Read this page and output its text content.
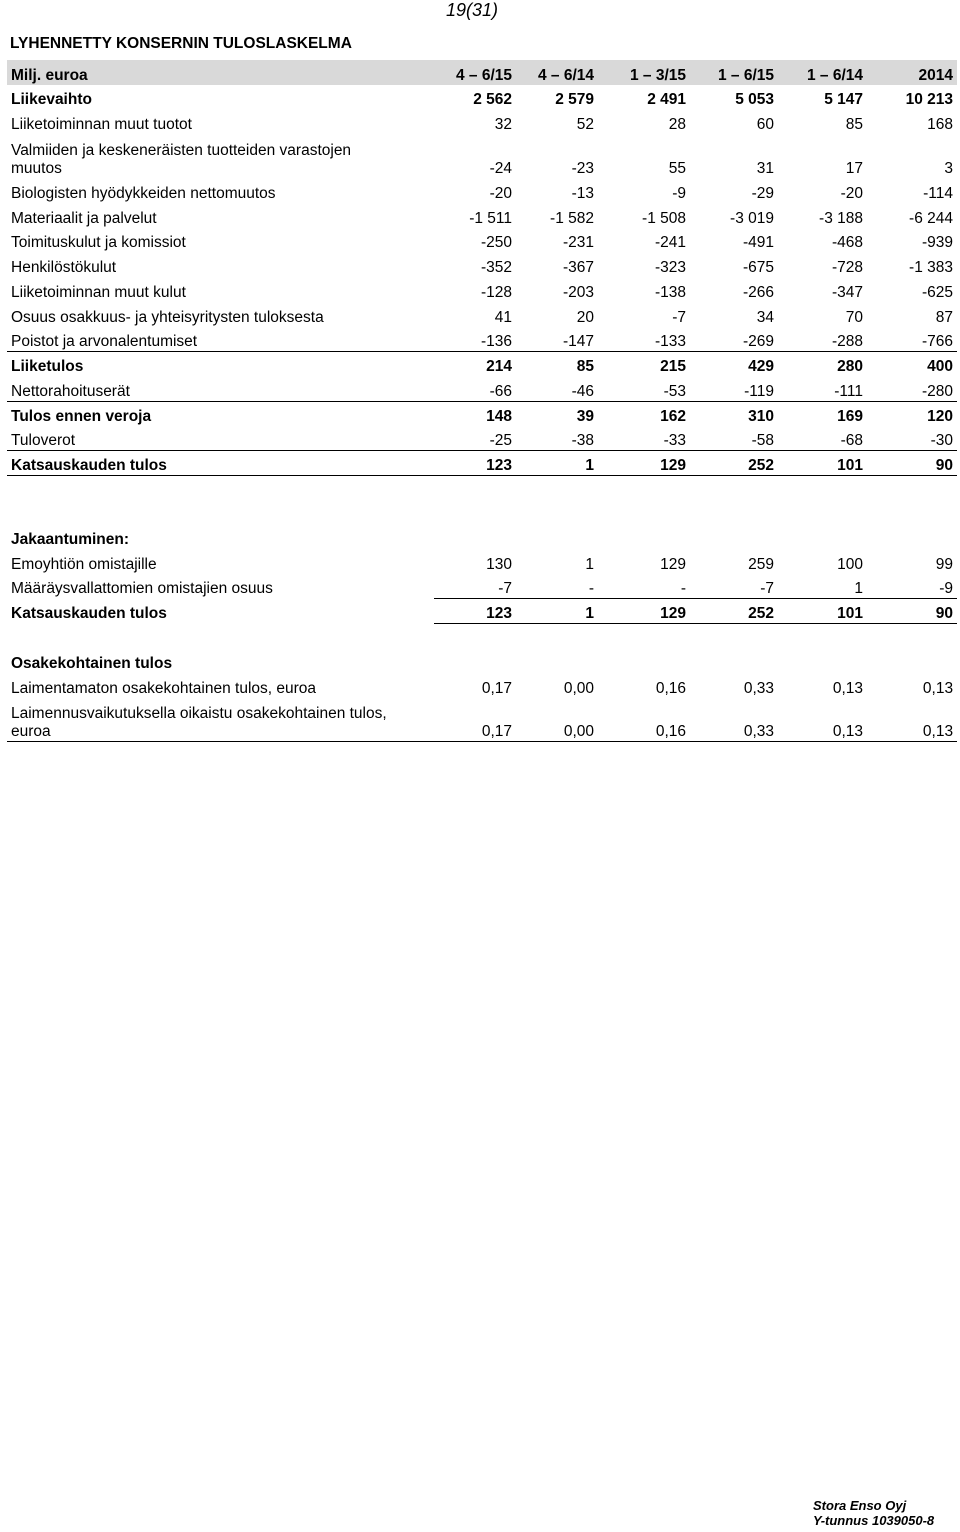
19(31)
LYHENNETTY KONSERNIN TULOSLASKELMA
Milj. euroa	4 – 6/15	4 – 6/14	1 – 3/15	1 – 6/15	1 – 6/14	2014
Liikevaihto	2 562	2 579	2 491	5 053	5 147	10 213
Liiketoiminnan muut tuotot	32	52	28	60	85	168
Valmiiden ja keskeneräisten tuotteiden varastojen muutos	-24	-23	55	31	17	3
Biologisten hyödykkeiden nettomuutos	-20	-13	-9	-29	-20	-114
Materiaalit ja palvelut	-1 511	-1 582	-1 508	-3 019	-3 188	-6 244
Toimituskulut ja komissiot	-250	-231	-241	-491	-468	-939
Henkilöstökulut	-352	-367	-323	-675	-728	-1 383
Liiketoiminnan muut kulut	-128	-203	-138	-266	-347	-625
Osuus osakkuus- ja yhteisyritysten tuloksesta	41	20	-7	34	70	87
Poistot ja arvonalentumiset	-136	-147	-133	-269	-288	-766
Liiketulos	214	85	215	429	280	400
Nettorahoituserät	-66	-46	-53	-119	-111	-280
Tulos ennen veroja	148	39	162	310	169	120
Tuloverot	-25	-38	-33	-58	-68	-30
Katsauskauden tulos	123	1	129	252	101	90
Jakaantuminen:						
Emoyhtiön omistajille	130	1	129	259	100	99
Määräysvallattomien omistajien osuus	-7	-	-	-7	1	-9
Katsauskauden tulos	123	1	129	252	101	90
Osakekohtainen tulos						
Laimentamaton osakekohtainen tulos, euroa	0,17	0,00	0,16	0,33	0,13	0,13
Laimennusvaikutuksella oikaistu osakekohtainen tulos, euroa	0,17	0,00	0,16	0,33	0,13	0,13
Stora Enso Oyj
Y-tunnus 1039050-8
